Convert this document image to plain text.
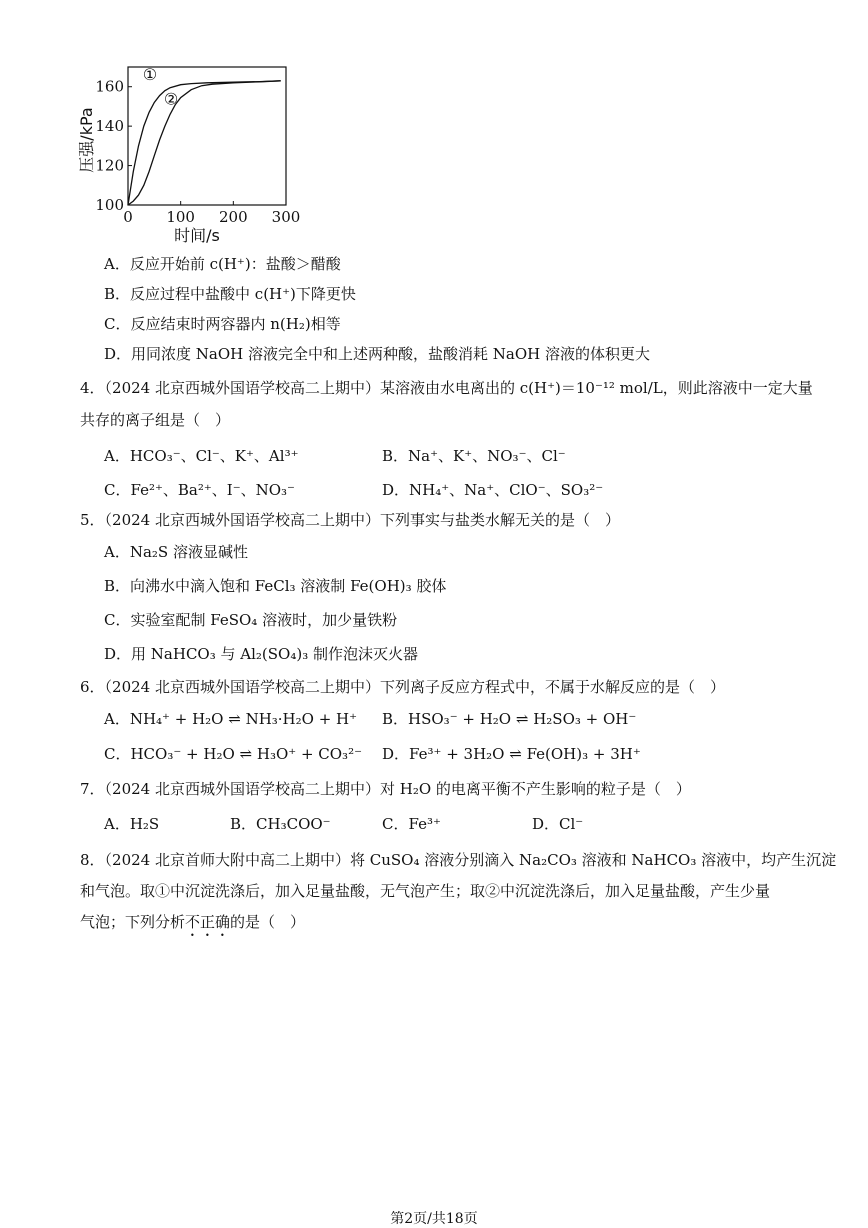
0 100 200 300
100
120
140
160
时间/s
压强/kPa
①
②
A．反应开始前 c(H⁺)：盐酸＞醋酸
B．反应过程中盐酸中 c(H⁺)下降更快
C．反应结束时两容器内 n(H₂)相等
D．用同浓度 NaOH 溶液完全中和上述两种酸，盐酸消耗 NaOH 溶液的体积更大
4．（2024 北京西城外国语学校高二上期中）某溶液由水电离出的 c(H⁺)＝10⁻¹² mol/L，则此溶液中一定大量
共存的离子组是（　）
A．HCO₃⁻、Cl⁻、K⁺、Al³⁺	B．Na⁺、K⁺、NO₃⁻、Cl⁻
C．Fe²⁺、Ba²⁺、I⁻、NO₃⁻	D．NH₄⁺、Na⁺、ClO⁻、SO₃²⁻
5．（2024 北京西城外国语学校高二上期中）下列事实与盐类水解无关的是（　）
A．Na₂S 溶液显碱性
B．向沸水中滴入饱和 FeCl₃ 溶液制 Fe(OH)₃ 胶体
C．实验室配制 FeSO₄ 溶液时，加少量铁粉
D．用 NaHCO₃ 与 Al₂(SO₄)₃ 制作泡沫灭火器
6．（2024 北京西城外国语学校高二上期中）下列离子反应方程式中，不属于水解反应的是（　）
A．NH₄⁺ + H₂O ⇌ NH₃·H₂O + H⁺ B．HSO₃⁻ + H₂O ⇌ H₂SO₃ + OH⁻
C．HCO₃⁻ + H₂O ⇌ H₃O⁺ + CO₃²⁻ D．Fe³⁺ + 3H₂O ⇌ Fe(OH)₃ + 3H⁺
7．（2024 北京西城外国语学校高二上期中）对 H₂O 的电离平衡不产生影响的粒子是（　）
A．H₂S	B．CH₃COO⁻	C．Fe³⁺	D．Cl⁻
8．（2024 北京首师大附中高二上期中）将 CuSO₄ 溶液分别滴入 Na₂CO₃ 溶液和 NaHCO₃ 溶液中，均产生沉淀
和气泡。取①中沉淀洗涤后，加入足量盐酸，无气泡产生；取②中沉淀洗涤后，加入足量盐酸，产生少量
气泡；下列分析不正确的是（　）
第2页/共18页
